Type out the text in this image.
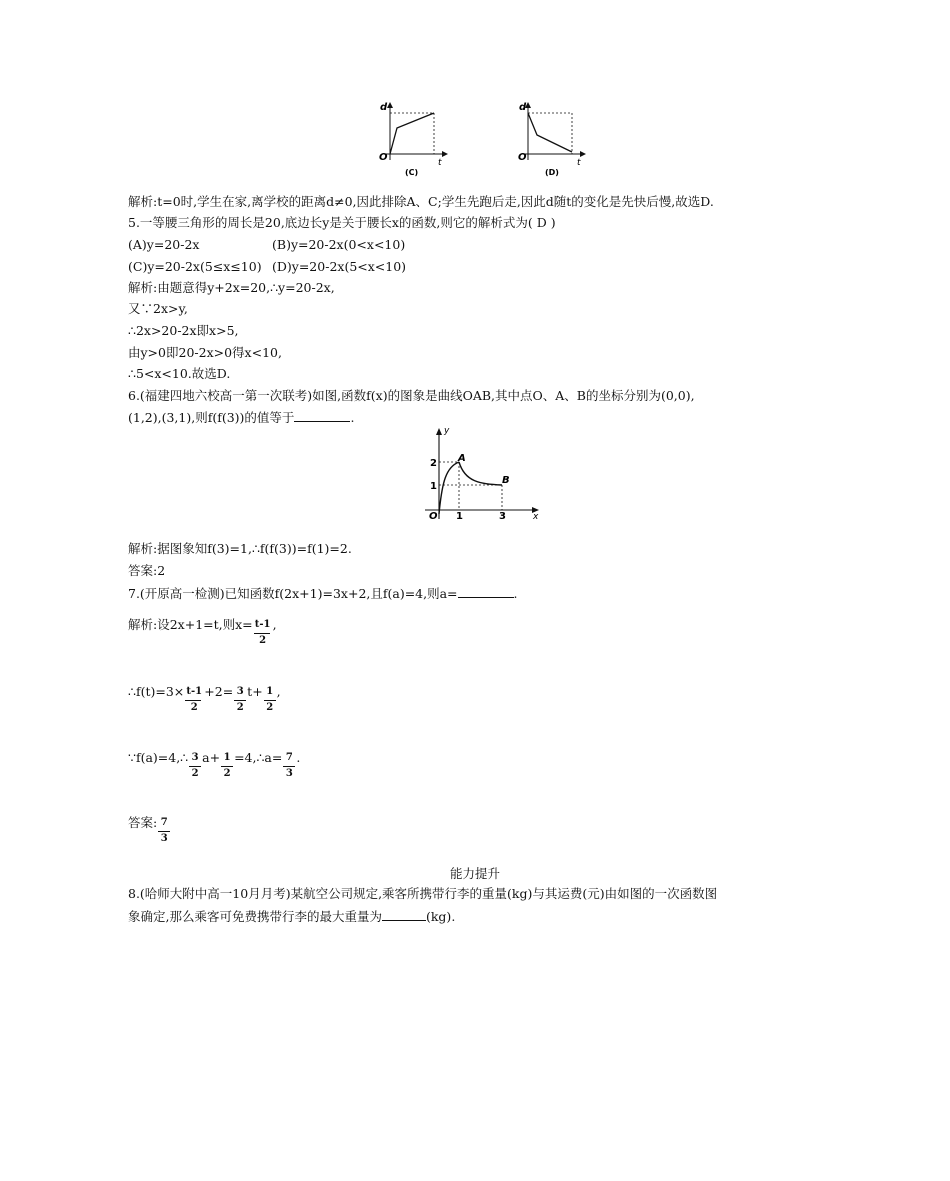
d
t
O
(C)
d
t
O
(D)
解析:t=0时,学生在家,离学校的距离d≠0,因此排除A、C;学生先跑后走,因此d随t的变化是先快后慢,故选D.
5.一等腰三角形的周长是20,底边长y是关于腰长x的函数,则它的解析式为( D )
(A)y=20-2x	(B)y=20-2x(0<x<10)
(C)y=20-2x(5≤x≤10) (D)y=20-2x(5<x<10)
解析:由题意得y+2x=20,∴y=20-2x,
又∵2x>y,
∴2x>20-2x即x>5,
由y>0即20-2x>0得x<10,
∴5<x<10.故选D.
6.(福建四地六校高一第一次联考)如图,函数f(x)的图象是曲线OAB,其中点O、A、B的坐标分别为(0,0),
(1,2),(3,1),则f(f(3))的值等于	.
y
x
O
2
1
1	3
A
B
解析:据图象知f(3)=1,∴f(f(3))=f(1)=2.
答案:2
7.(开原高一检测)已知函数f(2x+1)=3x+2,且f(a)=4,则a=	.
解析:设2x+1=t,则$x= \frac{t-1}{2}$ ,
∴f(t)=3× $\frac{t-1}{2} +2= \frac{3}{2} t+ \frac{1}{2}$ ,
∵f(a)=4,∴ $\frac{3}{2} a+ \frac{1}{2}$ =4,∴a= $\frac{7}{3}$ .
答案: $\frac{7}{3}$
能力提升
8.(哈师大附中高一10月月考)某航空公司规定,乘客所携带行李的重量(kg)与其运费(元)由如图的一次函数图
象确定,那么乘客可免费携带行李的最大重量为	(kg).
